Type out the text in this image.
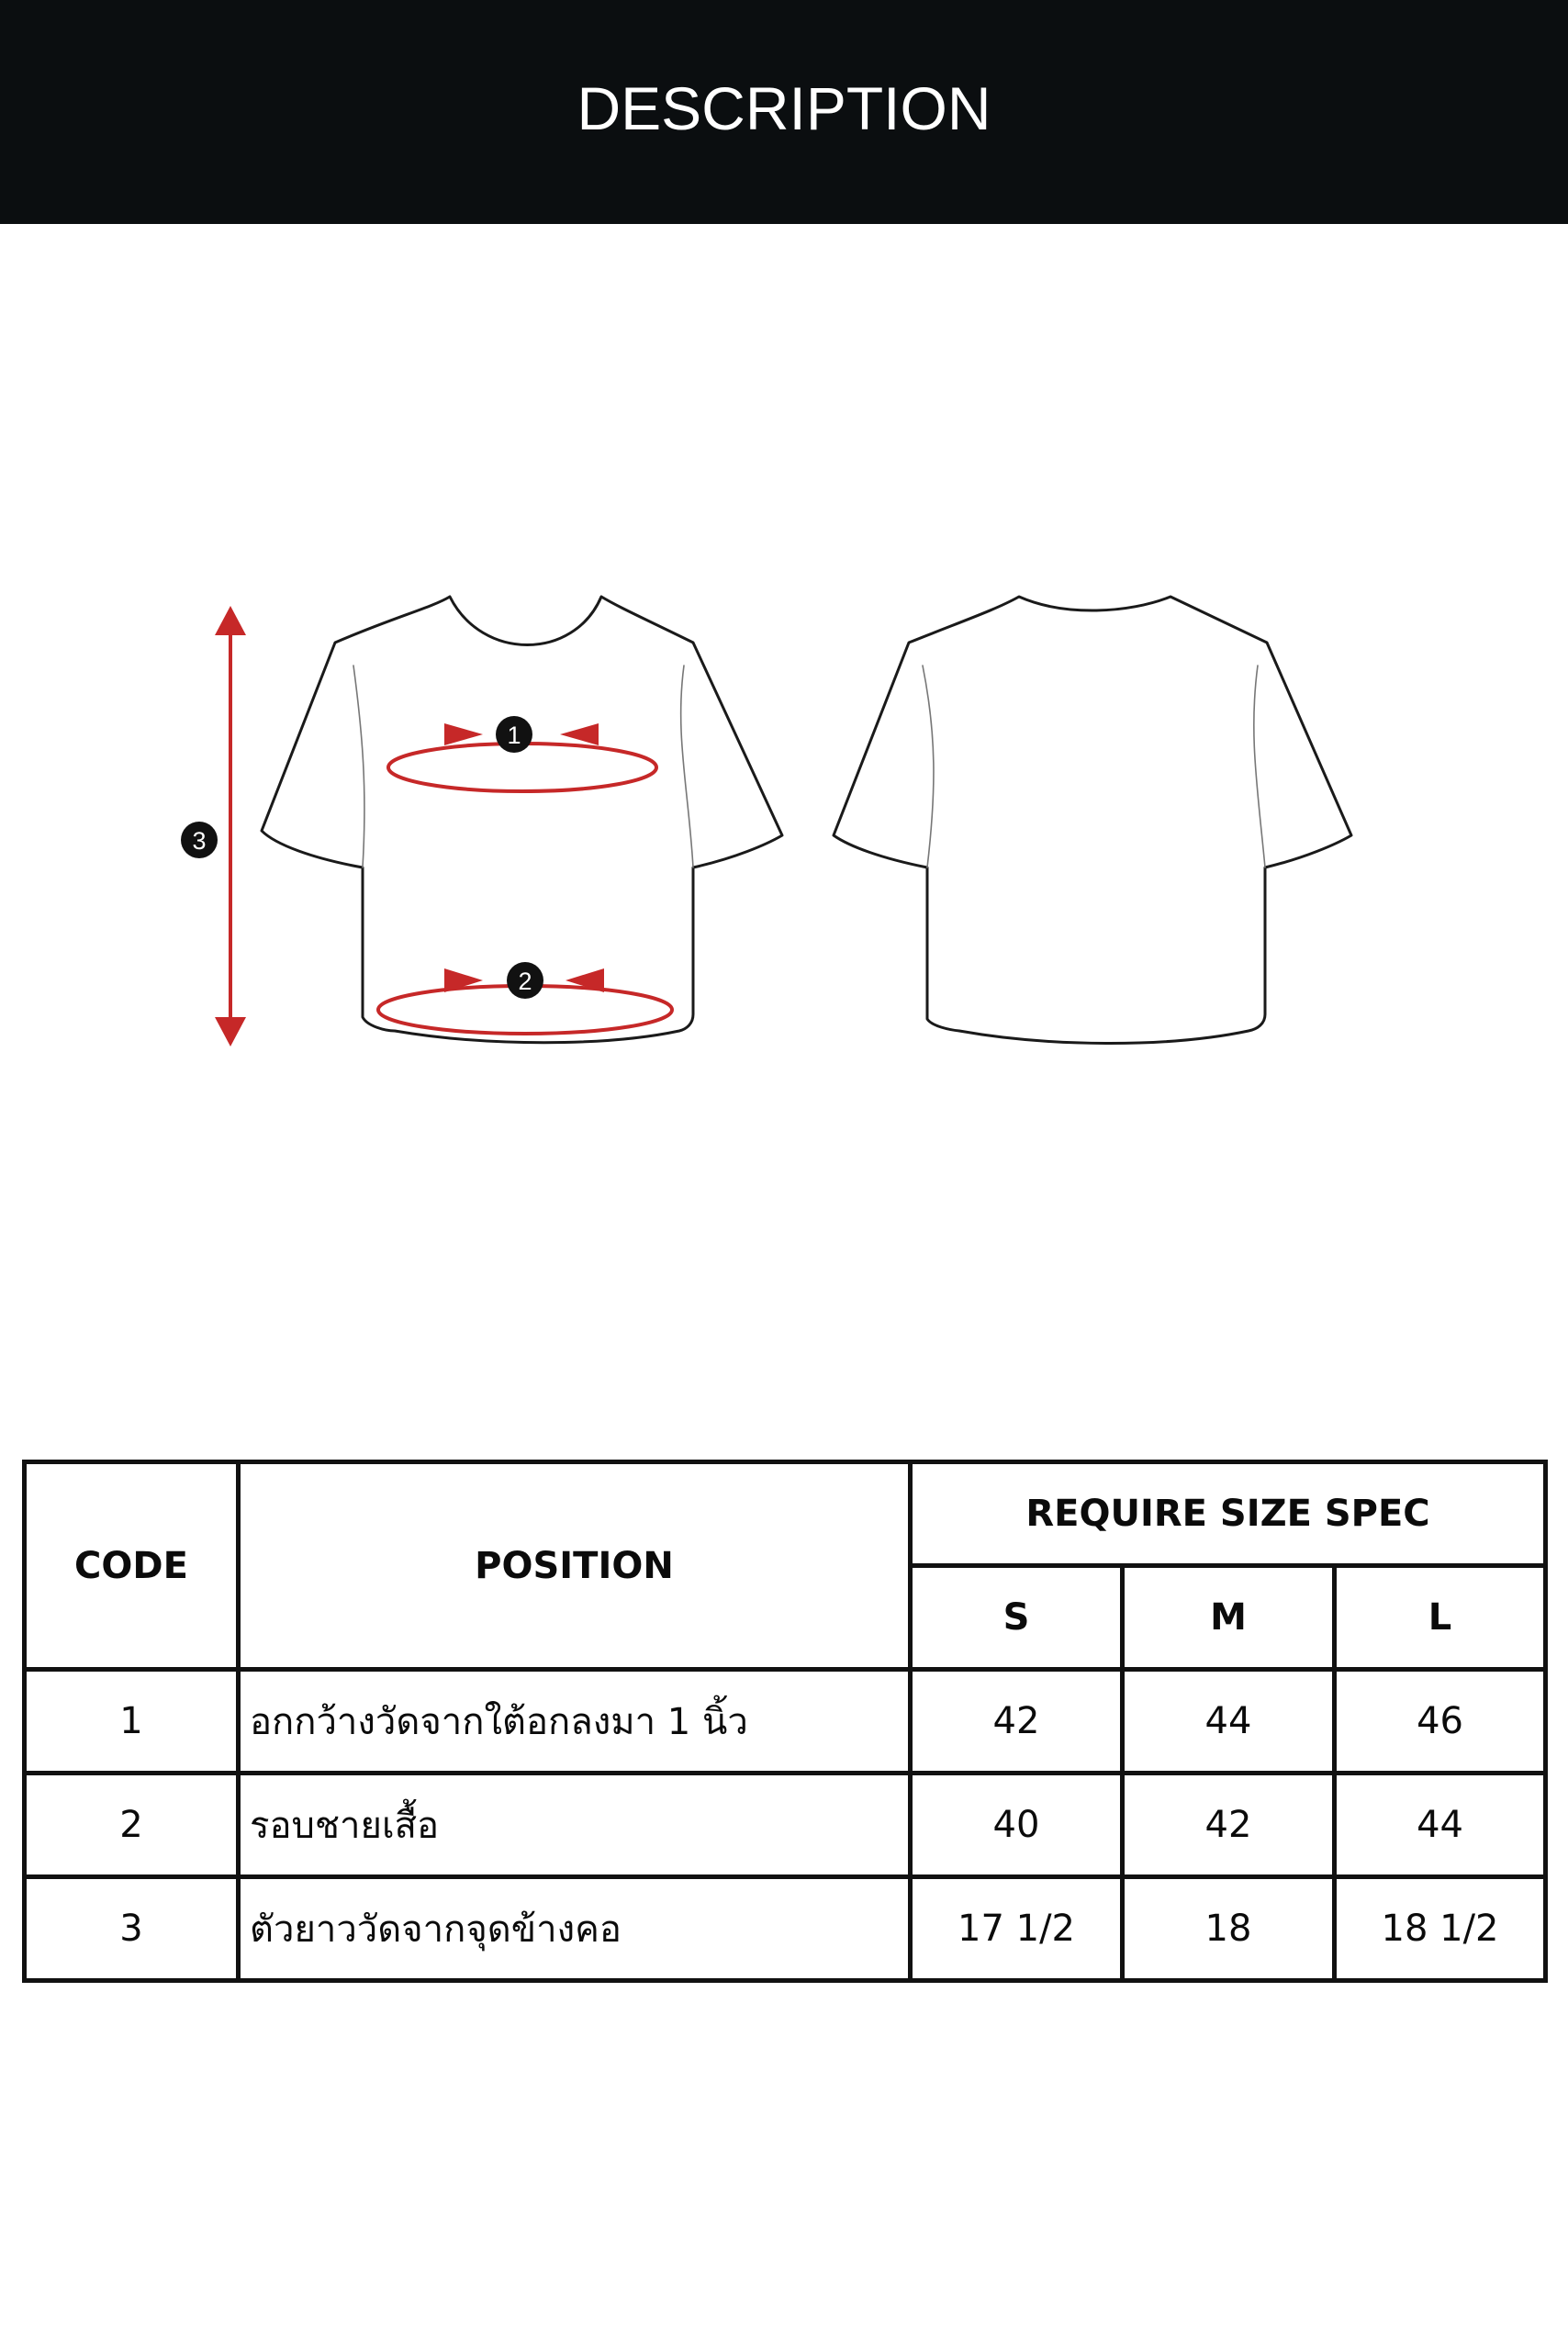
DESCRIPTION
1
2
3
CODE	POSITION	REQUIRE SIZE SPEC		
		S	M	L
1	อกกว้างวัดจากใต้อกลงมา 1 นิ้ว	42	44	46
2	รอบชายเสื้อ	40	42	44
3	ตัวยาววัดจากจุดข้างคอ	17 1/2	18	18 1/2
